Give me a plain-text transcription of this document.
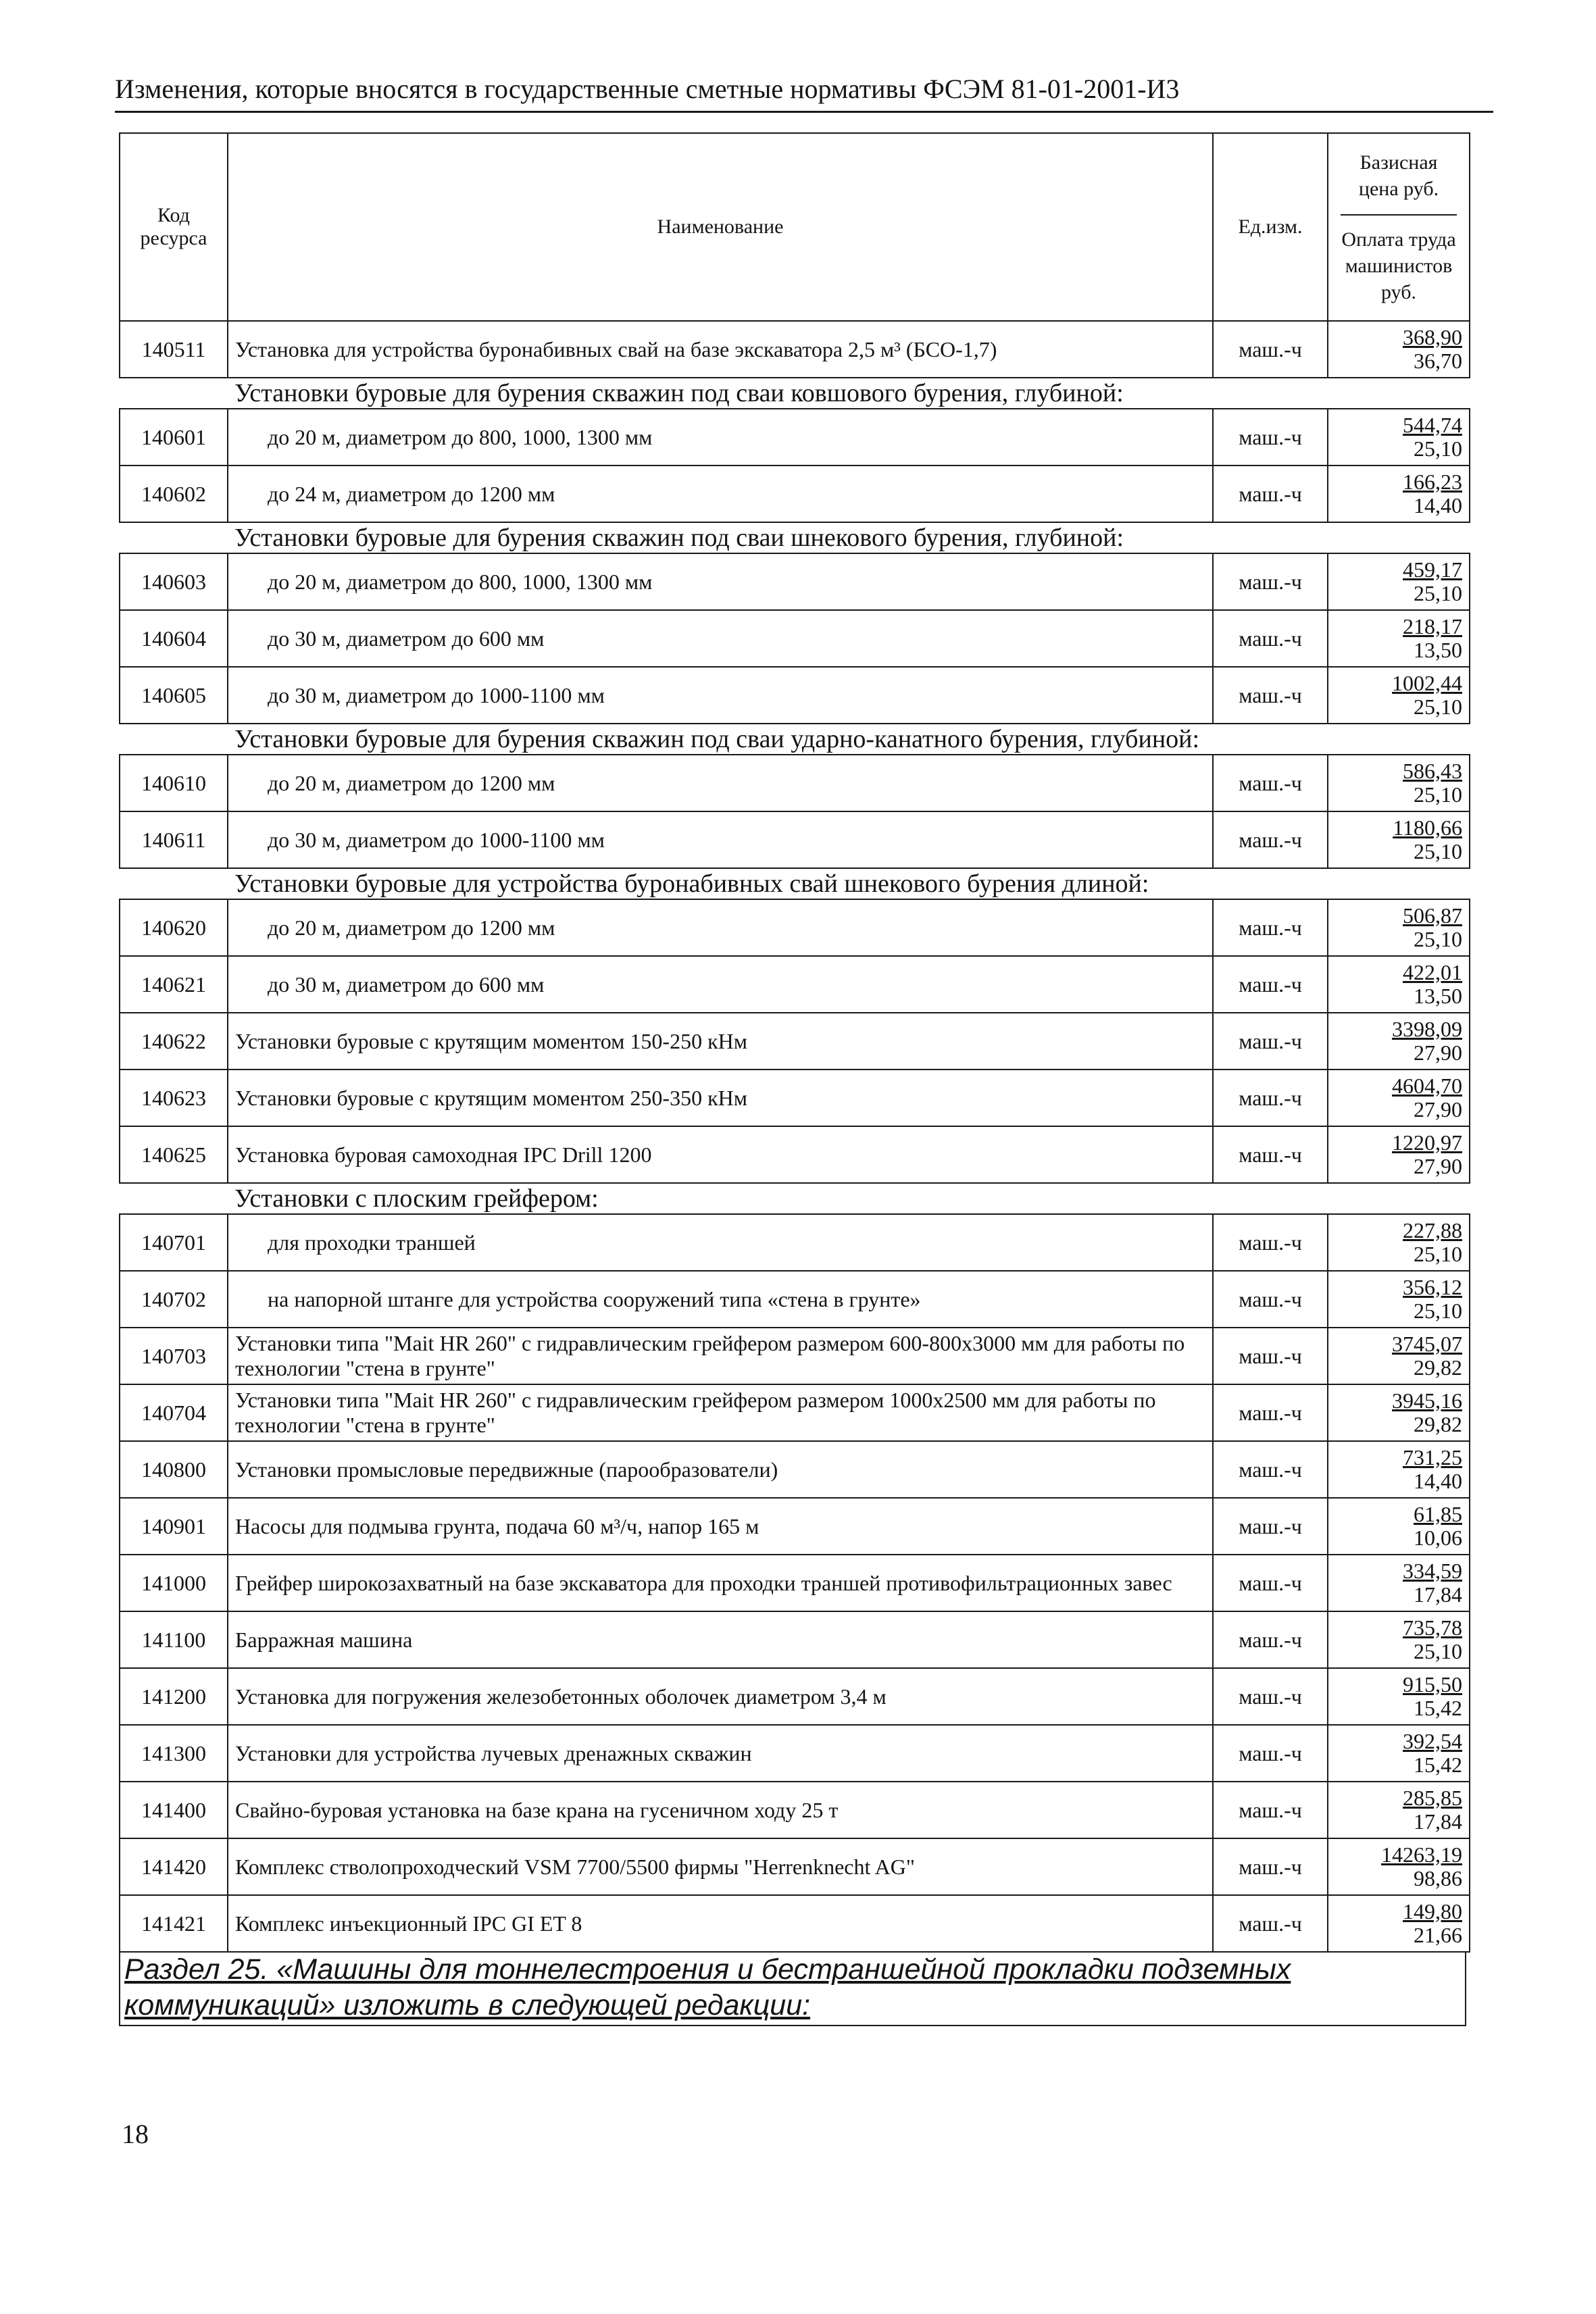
Изменения, которые вносятся в государственные сметные нормативы ФСЭМ 81-01-2001-И3
Код ресурса	Наименование	Ед.изм.	Базисная цена руб.
Оплата труда машинистов руб.

140511	Установка для устройства буронабивных свай на базе экскаватора 2,5 м³ (БСО-1,7)	маш.-ч	368,90
36,70

Установки буровые для бурения скважин под сваи ковшового бурения, глубиной:			
140601	до 20 м, диаметром до 800, 1000, 1300 мм	маш.-ч	544,74
25,10

140602	до 24 м, диаметром до 1200 мм	маш.-ч	166,23
14,40

Установки буровые для бурения скважин под сваи шнекового бурения, глубиной:			
140603	до 20 м, диаметром до 800, 1000, 1300 мм	маш.-ч	459,17
25,10

140604	до 30 м, диаметром до 600 мм	маш.-ч	218,17
13,50

140605	до 30 м, диаметром до 1000-1100 мм	маш.-ч	1002,44
25,10

Установки буровые для бурения скважин под сваи ударно-канатного бурения, глубиной:			
140610	до 20 м, диаметром до 1200 мм	маш.-ч	586,43
25,10

140611	до 30 м, диаметром до 1000-1100 мм	маш.-ч	1180,66
25,10

Установки буровые для устройства буронабивных свай шнекового бурения длиной:			
140620	до 20 м, диаметром до 1200 мм	маш.-ч	506,87
25,10

140621	до 30 м, диаметром до 600 мм	маш.-ч	422,01
13,50

140622	Установки буровые с крутящим моментом 150-250 кНм	маш.-ч	3398,09
27,90

140623	Установки буровые с крутящим моментом 250-350 кНм	маш.-ч	4604,70
27,90

140625	Установка буровая самоходная IPC Drill 1200	маш.-ч	1220,97
27,90

Установки с плоским грейфером:			
140701	для проходки траншей	маш.-ч	227,88
25,10

140702	на напорной штанге для устройства сооружений типа «стена в грунте»	маш.-ч	356,12
25,10

140703	Установки типа "Mait HR 260" с гидравлическим грейфером размером 600-800х3000 мм для работы по технологии "стена в грунте"	маш.-ч	3745,07
29,82

140704	Установки типа "Mait HR 260" с гидравлическим грейфером размером 1000х2500 мм для работы по технологии "стена в грунте"	маш.-ч	3945,16
29,82

140800	Установки промысловые передвижные (парообразователи)	маш.-ч	731,25
14,40

140901	Насосы для подмыва грунта, подача 60 м³/ч, напор 165 м	маш.-ч	61,85
10,06

141000	Грейфер широкозахватный на базе экскаватора для проходки траншей противофильтрационных завес	маш.-ч	334,59
17,84

141100	Барражная машина	маш.-ч	735,78
25,10

141200	Установка для погружения железобетонных оболочек диаметром 3,4 м	маш.-ч	915,50
15,42

141300	Установки для устройства лучевых дренажных скважин	маш.-ч	392,54
15,42

141400	Свайно-буровая установка на базе крана на гусеничном ходу 25 т	маш.-ч	285,85
17,84

141420	Комплекс стволопроходческий VSM 7700/5500 фирмы "Herrenknecht AG"	маш.-ч	14263,19
98,86

141421	Комплекс инъекционный IPC GI ET 8	маш.-ч	149,80
21,66
Раздел 25. «Машины для тоннелестроения и бестраншейной прокладки подземных
коммуникаций» изложить в следующей редакции:
18
